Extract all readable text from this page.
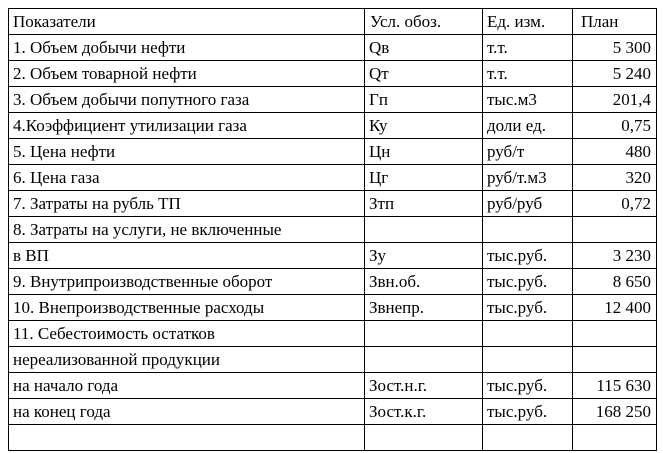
Показатели	Усл. обоз.	Ед. изм.	План
1. Объем добычи нефти	Qв	т.т.	5 300
2. Объем товарной нефти	Qт	т.т.	5 240
3. Объем добычи попутного газа	Гп	тыс.м3	201,4
4.Коэффициент утилизации газа	Ку	доли ед.	0,75
5. Цена нефти	Цн	руб/т	480
6. Цена газа	Цг	руб/т.м3	320
7. Затраты на рубль ТП	Зтп	руб/руб	0,72
8. Затраты на услуги, не включенные			
в ВП	Зу	тыс.руб.	3 230
9. Внутрипроизводственные оборот	Звн.об.	тыс.руб.	8 650
10. Внепроизводственные расходы	Звнепр.	тыс.руб.	12 400
11. Себестоимость остатков			
нереализованной продукции			
на начало года	Зост.н.г.	тыс.руб.	115 630
на конец года	Зост.к.г.	тыс.руб.	168 250
